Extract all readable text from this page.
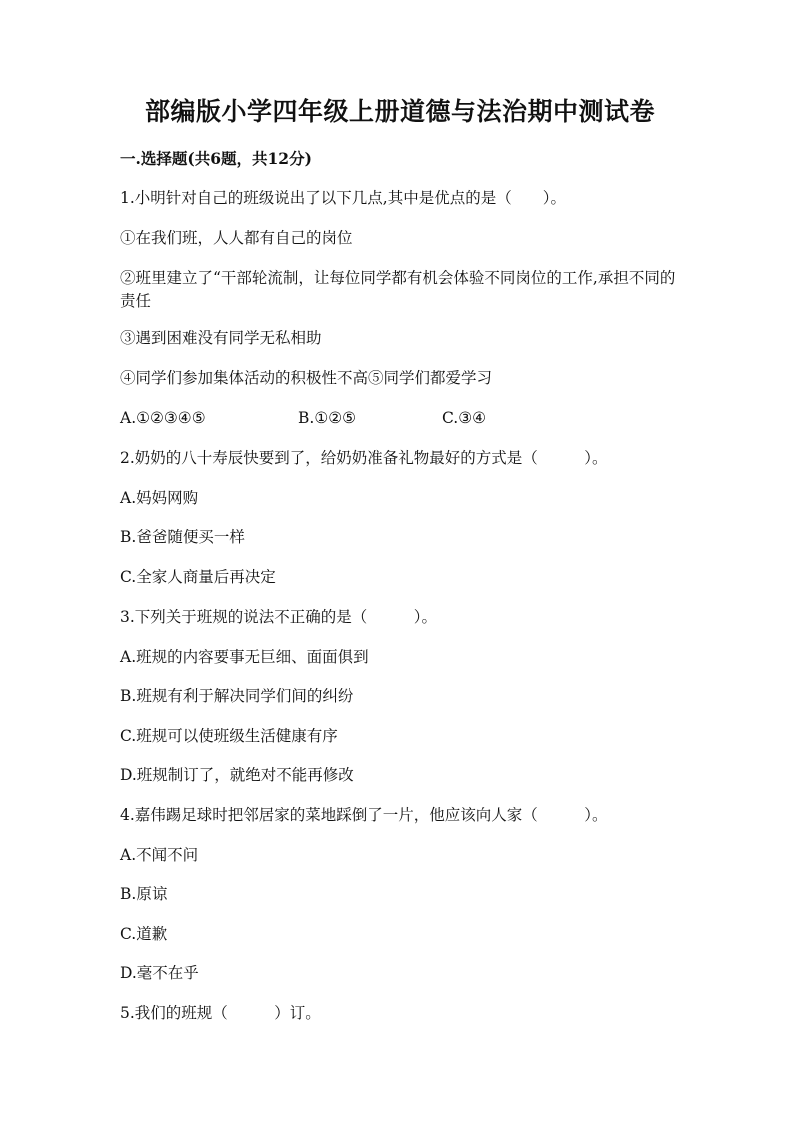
部编版小学四年级上册道德与法治期中测试卷
一.选择题(共6题，共12分)
1.小明针对自己的班级说出了以下几点,其中是优点的是（　　）。
①在我们班，人人都有自己的岗位
②班里建立了“干部轮流制，让每位同学都有机会体验不同岗位的工作,承担不同的责任
③遇到困难没有同学无私相助
④同学们参加集体活动的积极性不高⑤同学们都爱学习
A.①②③④⑤	B.①②⑤	C.③④
2.奶奶的八十寿辰快要到了，给奶奶准备礼物最好的方式是（　　　）。
A.妈妈网购
B.爸爸随便买一样
C.全家人商量后再决定
3.下列关于班规的说法不正确的是（　　　）。
A.班规的内容要事无巨细、面面俱到
B.班规有利于解决同学们间的纠纷
C.班规可以使班级生活健康有序
D.班规制订了，就绝对不能再修改
4.嘉伟踢足球时把邻居家的菜地踩倒了一片，他应该向人家（　　　）。
A.不闻不问
B.原谅
C.道歉
D.毫不在乎
5.我们的班规（　　　）订。
